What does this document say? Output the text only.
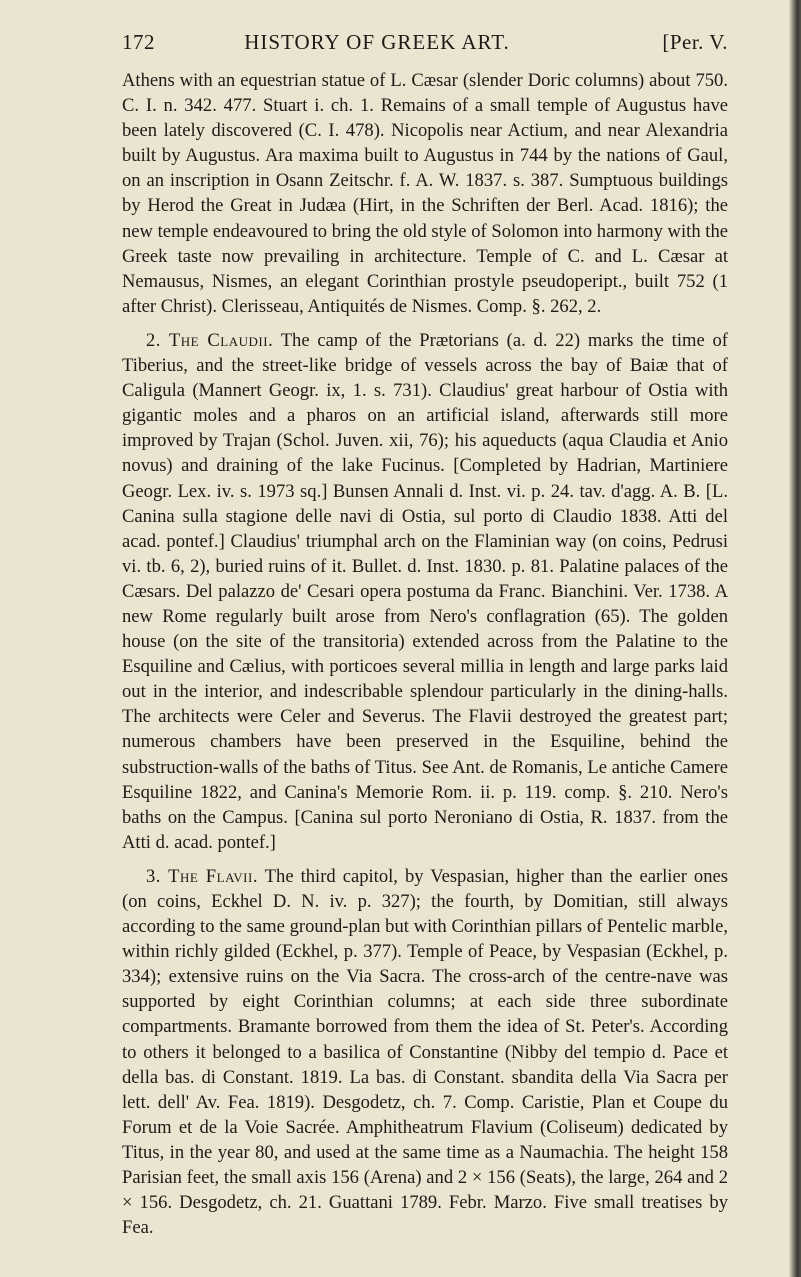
172	HISTORY OF GREEK ART.	[Per. V.

Athens with an equestrian statue of L. Cæsar (slender Doric columns) about 750. C. I. n. 342. 477. Stuart i. ch. 1. Remains of a small temple of Augustus have been lately discovered (C. I. 478). Nicopolis near Actium, and near Alexandria built by Augustus. Ara maxima built to Augustus in 744 by the nations of Gaul, on an inscription in Osann Zeitschr. f. A. W. 1837. s. 387. Sumptuous buildings by Herod the Great in Judæa (Hirt, in the Schriften der Berl. Acad. 1816); the new temple endeavoured to bring the old style of Solomon into harmony with the Greek taste now prevailing in architecture. Temple of C. and L. Cæsar at Nemausus, Nismes, an elegant Corinthian prostyle pseudopeript., built 752 (1 after Christ). Clerisseau, Antiquités de Nismes. Comp. §. 262, 2.

2. The Claudii. The camp of the Prætorians (a. d. 22) marks the time of Tiberius, and the street-like bridge of vessels across the bay of Baiæ that of Caligula (Mannert Geogr. ix, 1. s. 731). Claudius' great harbour of Ostia with gigantic moles and a pharos on an artificial island, afterwards still more improved by Trajan (Schol. Juven. xii, 76); his aqueducts (aqua Claudia et Anio novus) and draining of the lake Fucinus. [Completed by Hadrian, Martiniere Geogr. Lex. iv. s. 1973 sq.] Bunsen Annali d. Inst. vi. p. 24. tav. d'agg. A. B. [L. Canina sulla stagione delle navi di Ostia, sul porto di Claudio 1838. Atti del acad. pontef.] Claudius' triumphal arch on the Flaminian way (on coins, Pedrusi vi. tb. 6, 2), buried ruins of it. Bullet. d. Inst. 1830. p. 81. Palatine palaces of the Cæsars. Del palazzo de' Cesari opera postuma da Franc. Bianchini. Ver. 1738. A new Rome regularly built arose from Nero's conflagration (65). The golden house (on the site of the transitoria) extended across from the Palatine to the Esquiline and Cælius, with porticoes several millia in length and large parks laid out in the interior, and indescribable splendour particularly in the dining-halls. The architects were Celer and Severus. The Flavii destroyed the greatest part; numerous chambers have been preserved in the Esquiline, behind the substruction-walls of the baths of Titus. See Ant. de Romanis, Le antiche Camere Esquiline 1822, and Canina's Memorie Rom. ii. p. 119. comp. §. 210. Nero's baths on the Campus. [Canina sul porto Neroniano di Ostia, R. 1837. from the Atti d. acad. pontef.]

3. The Flavii. The third capitol, by Vespasian, higher than the earlier ones (on coins, Eckhel D. N. iv. p. 327); the fourth, by Domitian, still always according to the same ground-plan but with Corinthian pillars of Pentelic marble, within richly gilded (Eckhel, p. 377). Temple of Peace, by Vespasian (Eckhel, p. 334); extensive ruins on the Via Sacra. The cross-arch of the centre-nave was supported by eight Corinthian columns; at each side three subordinate compartments. Bramante borrowed from them the idea of St. Peter's. According to others it belonged to a basilica of Constantine (Nibby del tempio d. Pace et della bas. di Constant. 1819. La bas. di Constant. sbandita della Via Sacra per lett. dell' Av. Fea. 1819). Desgodetz, ch. 7. Comp. Caristie, Plan et Coupe du Forum et de la Voie Sacrée. Amphitheatrum Flavium (Coliseum) dedicated by Titus, in the year 80, and used at the same time as a Naumachia. The height 158 Parisian feet, the small axis 156 (Arena) and 2 × 156 (Seats), the large, 264 and 2 × 156. Desgodetz, ch. 21. Guattani 1789. Febr. Marzo. Five small treatises by Fea.
